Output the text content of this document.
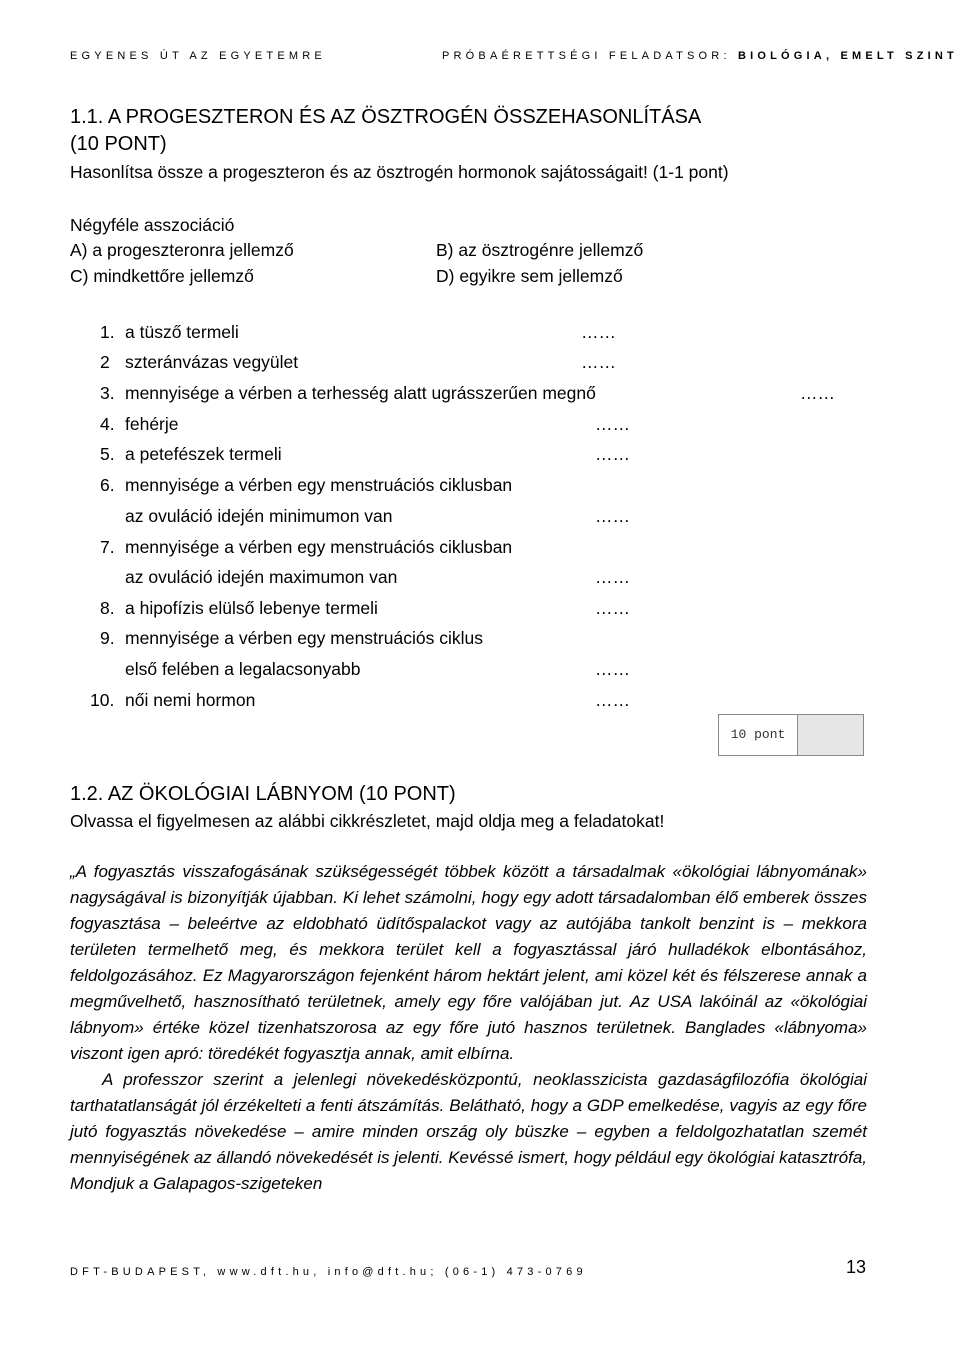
EGYENES ÚT AZ EGYETEMRE	PRÓBAÉRETTSÉGI FELADATSOR: BIOLÓGIA, EMELT SZINT
1.1. A PROGESZTERON ÉS AZ ÖSZTROGÉN ÖSSZEHASONLÍTÁSA
(10 PONT)
Hasonlítsa össze a progeszteron és az ösztrogén hormonok sajátosságait! (1-1 pont)
Négyféle asszociáció
A) a progeszteronra jellemző	B) az ösztrogénre jellemző
C) mindkettőre jellemző	D) egyikre sem jellemző
1. a tüsző termeli	……
2 szteránvázas vegyület	……
3. mennyisége a vérben a terhesség alatt ugrásszerűen megnő	……
4. fehérje	……
5. a petefészek termeli	……
6. mennyisége a vérben egy menstruációs ciklusban
az ovuláció idején minimumon van	……
7. mennyisége a vérben egy menstruációs ciklusban
az ovuláció idején maximumon van	……
8. a hipofízis elülső lebenye termeli	……
9. mennyisége a vérben egy menstruációs ciklus
első felében a legalacsonyabb	……
10. női nemi hormon	……
10 pont
1.2. AZ ÖKOLÓGIAI LÁBNYOM (10 PONT)
Olvassa el figyelmesen az alábbi cikkrészletet, majd oldja meg a feladatokat!

„A fogyasztás visszafogásának szükségességét többek között a társadalmak «ökológiai lábnyomának» nagyságával is bizonyítják újabban. Ki lehet számolni, hogy egy adott társadalomban élő emberek összes fogyasztása – beleértve az eldobható üdítőspalackot vagy az autójába tankolt benzint is – mekkora területen termelhető meg, és mekkora terület kell a fogyasztással járó hulladékok elbontásához, feldolgozásához. Ez Magyarországon fejenként három hektárt jelent, ami közel két és félszerese annak a megművelhető, hasznosítható területnek, amely egy főre valójában jut. Az USA lakóinál az «ökológiai lábnyom» értéke közel tizenhatszorosa az egy főre jutó hasznos területnek. Banglades «lábnyoma» viszont igen apró: töredékét fogyasztja annak, amit elbírna.

A professzor szerint a jelenlegi növekedésközpontú, neoklasszicista gazdaságfilozófia ökológiai tarthatatlanságát jól érzékelteti a fenti átszámítás. Belátható, hogy a GDP emelkedése, vagyis az egy főre jutó fogyasztás növekedése – amire minden ország oly büszke – egyben a feldolgozhatatlan szemét mennyiségének az állandó növekedését is jelenti. Kevéssé ismert, hogy például egy ökológiai katasztrófa, Mondjuk a Galapagos-szigeteken

DFT-BUDAPEST, www.dft.hu, info@dft.hu; (06-1) 473-0769	13
